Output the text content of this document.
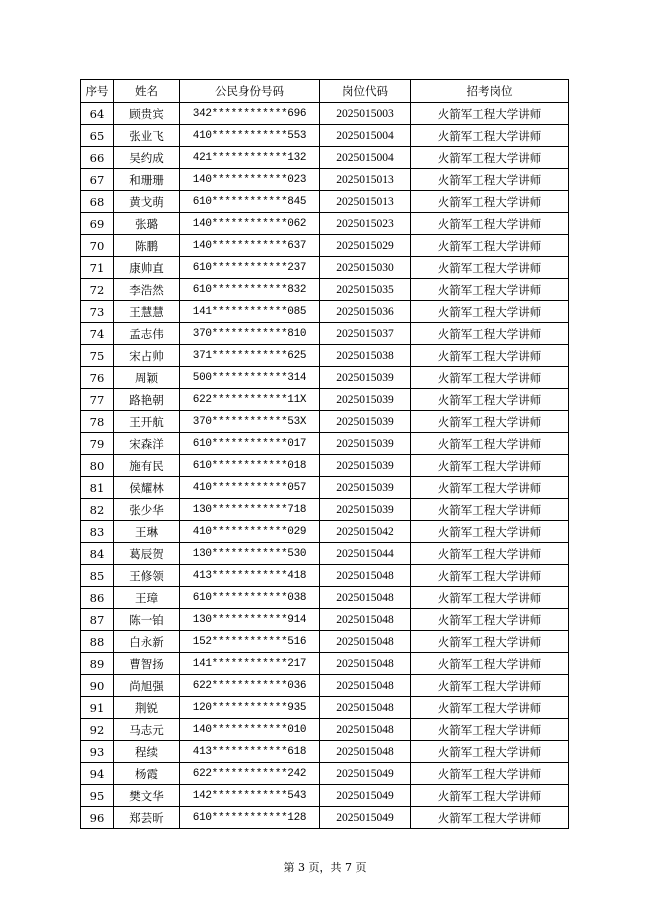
序号	姓名	公民身份号码	岗位代码	招考岗位
64	顾贵宾	342************696	2025015003	火箭军工程大学讲师
65	张业飞	410************553	2025015004	火箭军工程大学讲师
66	吴约成	421************132	2025015004	火箭军工程大学讲师
67	和珊珊	140************023	2025015013	火箭军工程大学讲师
68	黄戈萌	610************845	2025015013	火箭军工程大学讲师
69	张璐	140************062	2025015023	火箭军工程大学讲师
70	陈鹏	140************637	2025015029	火箭军工程大学讲师
71	康帅直	610************237	2025015030	火箭军工程大学讲师
72	李浩然	610************832	2025015035	火箭军工程大学讲师
73	王慧慧	141************085	2025015036	火箭军工程大学讲师
74	孟志伟	370************810	2025015037	火箭军工程大学讲师
75	宋占帅	371************625	2025015038	火箭军工程大学讲师
76	周颖	500************314	2025015039	火箭军工程大学讲师
77	路艳朝	622************11X	2025015039	火箭军工程大学讲师
78	王开航	370************53X	2025015039	火箭军工程大学讲师
79	宋森洋	610************017	2025015039	火箭军工程大学讲师
80	施有民	610************018	2025015039	火箭军工程大学讲师
81	侯耀林	410************057	2025015039	火箭军工程大学讲师
82	张少华	130************718	2025015039	火箭军工程大学讲师
83	王琳	410************029	2025015042	火箭军工程大学讲师
84	葛辰贺	130************530	2025015044	火箭军工程大学讲师
85	王修领	413************418	2025015048	火箭军工程大学讲师
86	王璋	610************038	2025015048	火箭军工程大学讲师
87	陈一铂	130************914	2025015048	火箭军工程大学讲师
88	白永新	152************516	2025015048	火箭军工程大学讲师
89	曹智扬	141************217	2025015048	火箭军工程大学讲师
90	尚旭强	622************036	2025015048	火箭军工程大学讲师
91	荆锐	120************935	2025015048	火箭军工程大学讲师
92	马志元	140************010	2025015048	火箭军工程大学讲师
93	程续	413************618	2025015048	火箭军工程大学讲师
94	杨霞	622************242	2025015049	火箭军工程大学讲师
95	樊文华	142************543	2025015049	火箭军工程大学讲师
96	郑芸昕	610************128	2025015049	火箭军工程大学讲师
第 3 页，共 7 页
